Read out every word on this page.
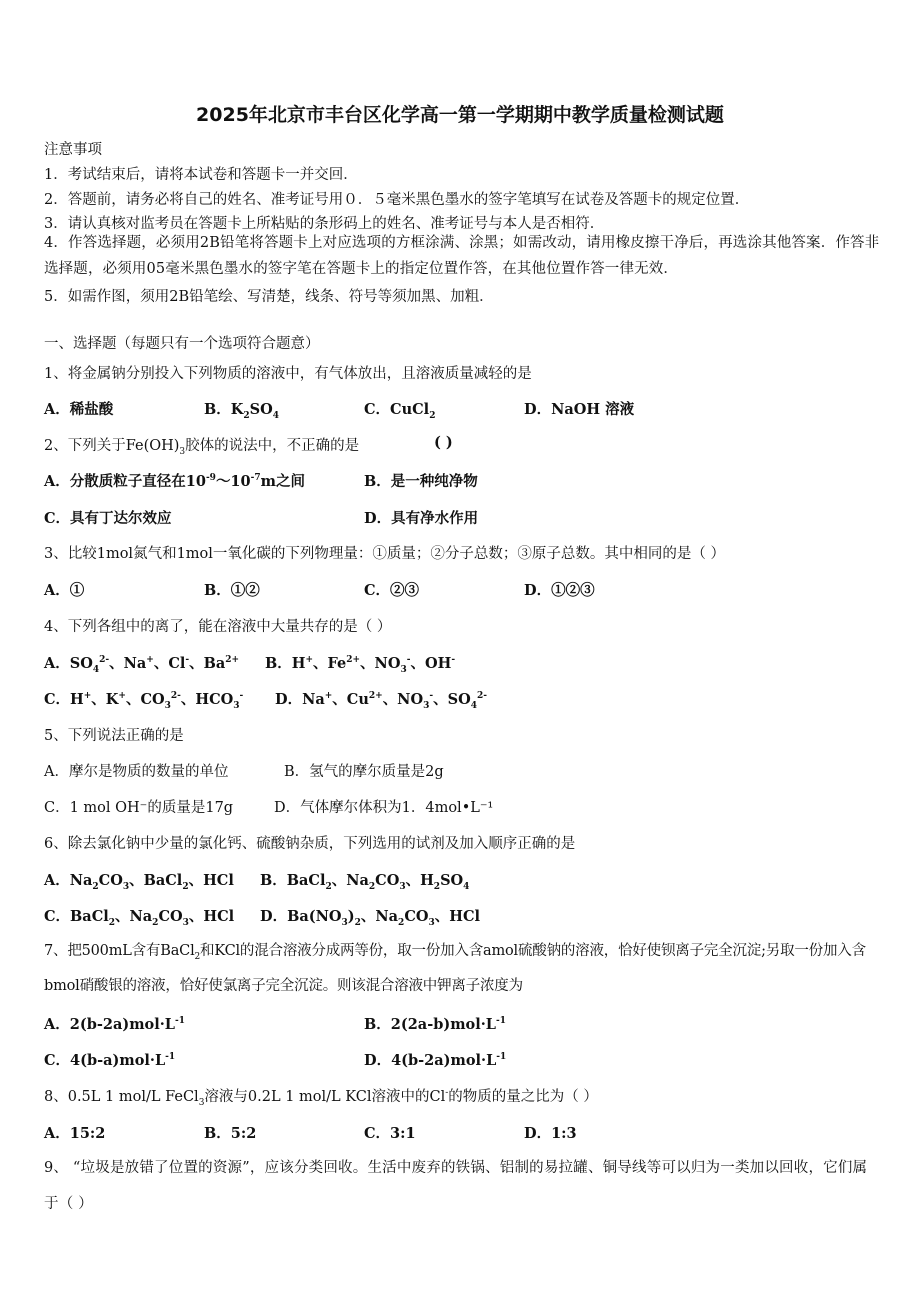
2025年北京市丰台区化学高一第一学期期中教学质量检测试题
注意事项
1．考试结束后，请将本试卷和答题卡一并交回．
2．答题前，请务必将自己的姓名、准考证号用０．５毫米黑色墨水的签字笔填写在试卷及答题卡的规定位置．
3．请认真核对监考员在答题卡上所粘贴的条形码上的姓名、准考证号与本人是否相符．
4．作答选择题，必须用2B铅笔将答题卡上对应选项的方框涂满、涂黑；如需改动，请用橡皮擦干净后，再选涂其他答案．作答非选择题，必须用05毫米黑色墨水的签字笔在答题卡上的指定位置作答，在其他位置作答一律无效．
5．如需作图，须用2B铅笔绘、写清楚，线条、符号等须加黑、加粗．
一、选择题（每题只有一个选项符合题意）
1、将金属钠分别投入下列物质的溶液中，有气体放出，且溶液质量减轻的是
A．稀盐酸	B．$K_2SO_4$	C．CuCl$_2$	D．NaOH 溶液
2、下列关于$Fe(OH)_3$胶体的说法中，不正确的是	( )
A．分散质粒子直径在$10^{-9}\sim 10^{-7}m$之间	B．是一种纯净物
C．具有丁达尔效应	D．具有净水作用
3、比较1mol氮气和1mol一氧化碳的下列物理量：①质量；②分子总数；③原子总数。其中相同的是（ ）
A．①	B．①②	C．②③	D．①②③
4、下列各组中的离了，能在溶液中大量共存的是（ ）
A．$SO_4^{2-}$、Na+、Cl-、$Ba^{2+}$ B．H+、$Fe^{2+}$、$NO_3^-$、OH-
C．H+、K+、$CO_3^{2-}$、$HCO_3^-$ D．Na+、$Cu^{2+}$、$NO_3^-$、$SO_4^{2-}$
5、下列说法正确的是
A．摩尔是物质的数量的单位	B．氢气的摩尔质量是2g
C．1 mol OH⁻的质量是17g	D．气体摩尔体积为1．4mol•L⁻¹
6、除去氯化钠中少量的氯化钙、硫酸钠杂质，下列选用的试剂及加入顺序正确的是
A．$Na_2CO_3$、BaCl$_2$、HCl B．BaCl$_2$、$Na_2CO_3$、$H_2SO_4$
C．BaCl$_2$、$Na_2CO_3$、HCl D．$Ba(NO_3)_2$、$Na_2CO_3$、HCl
7、把500mL含有BaCl$_2$和KCl的混合溶液分成两等份，取一份加入含amol硫酸钠的溶液，恰好使钡离子完全沉淀;另取一份加入含bmol硝酸银的溶液，恰好使氯离子完全沉淀。则该混合溶液中钾离子浓度为
A．$2(b-2a)mol\cdot L^{-1}$	B．$2(2a-b)mol\cdot L^{-1}$
C．$4(b-a)mol\cdot L^{-1}$	D．$4(b-2a)mol\cdot L^{-1}$
8、0.5L 1 mol/L FeCl$_3$溶液与0.2L 1 mol/L KCl溶液中的Cl-的物质的量之比为（ ）
A．15:2	B．5:2	C．3:1	D．1:3
9、 “垃圾是放错了位置的资源”，应该分类回收。生活中废弃的铁锅、铝制的易拉罐、铜导线等可以归为一类加以回收，它们属于（ ）
